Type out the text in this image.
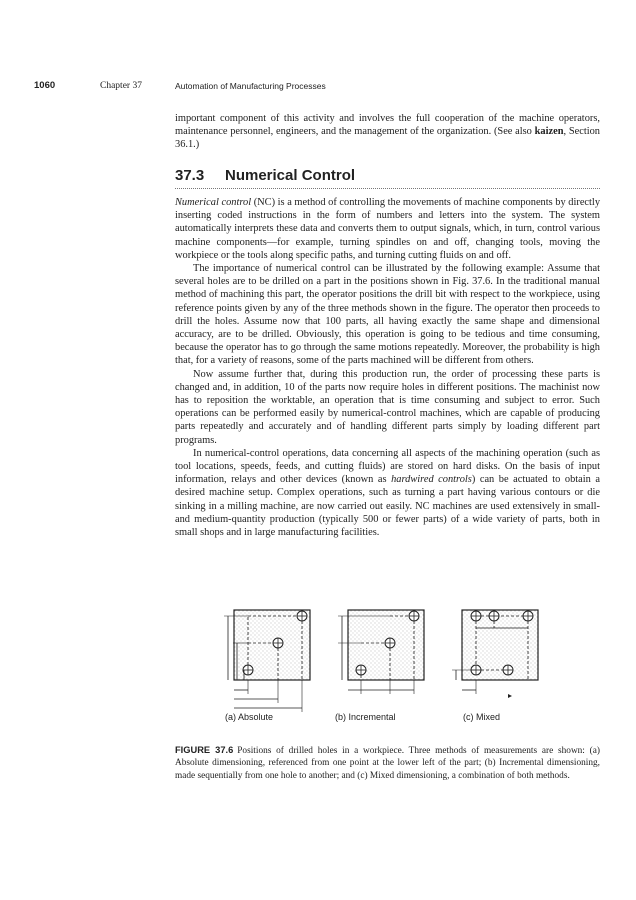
1060	Chapter 37	Automation of Manufacturing Processes

important component of this activity and involves the full cooperation of the machine operators, maintenance personnel, engineers, and the management of the organization. (See also kaizen, Section 36.1.)

37.3 Numerical Control

Numerical control (NC) is a method of controlling the movements of machine components by directly inserting coded instructions in the form of numbers and letters into the system. The system automatically interprets these data and converts them to output signals, which, in turn, control various machine components—for example, turning spindles on and off, changing tools, moving the workpiece or the tools along specific paths, and turning cutting fluids on and off.

The importance of numerical control can be illustrated by the following example: Assume that several holes are to be drilled on a part in the positions shown in Fig. 37.6. In the traditional manual method of machining this part, the operator positions the drill bit with respect to the workpiece, using reference points given by any of the three methods shown in the figure. The operator then proceeds to drill the holes. Assume now that 100 parts, all having exactly the same shape and dimensional accuracy, are to be drilled. Obviously, this operation is going to be tedious and time consuming, because the operator has to go through the same motions repeatedly. Moreover, the probability is high that, for a variety of reasons, some of the parts machined will be different from others.

Now assume further that, during this production run, the order of processing these parts is changed and, in addition, 10 of the parts now require holes in different positions. The machinist now has to reposition the worktable, an operation that is time consuming and subject to error. Such operations can be performed easily by numerical-control machines, which are capable of producing parts repeatedly and accurately and of handling different parts simply by loading different part programs.

In numerical-control operations, data concerning all aspects of the machining operation (such as tool locations, speeds, feeds, and cutting fluids) are stored on hard disks. On the basis of input information, relays and other devices (known as hardwired controls) can be actuated to obtain a desired machine setup. Complex operations, such as turning a part having various contours or die sinking in a milling machine, are now carried out easily. NC machines are used extensively in small- and medium-quantity production (typically 500 or fewer parts) of a wide variety of parts, both in small shops and in large manufacturing facilities.

(a) Absolute	(b) Incremental	(c) Mixed
FIGURE 37.6 Positions of drilled holes in a workpiece. Three methods of measurements are shown: (a) Absolute dimensioning, referenced from one point at the lower left of the part; (b) Incremental dimensioning, made sequentially from one hole to another; and (c) Mixed dimensioning, a combination of both methods.
